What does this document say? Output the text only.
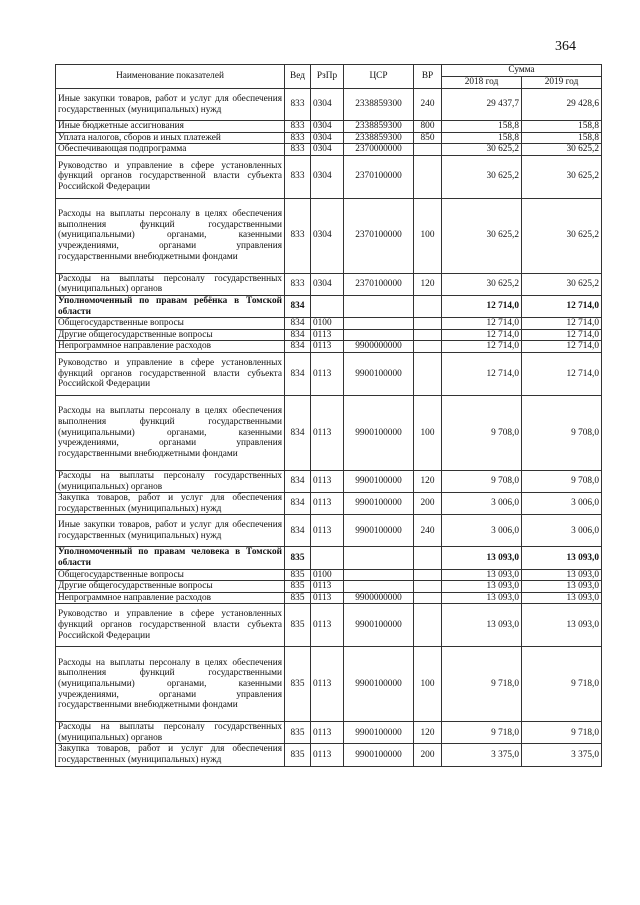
364
Наименование показателей	Вед	РзПр	ЦСР	ВР	Сумма	
					2018 год	2019 год
Иные закупки товаров, работ и услуг для обеспечения государственных (муниципальных) нужд	833	0304	2338859300	240	29 437,7	29 428,6
Иные бюджетные ассигнования	833	0304	2338859300	800	158,8	158,8
Уплата налогов, сборов и иных платежей	833	0304	2338859300	850	158,8	158,8
Обеспечивающая подпрограмма	833	0304	2370000000		30 625,2	30 625,2
Руководство и управление в сфере установленных функций органов государственной власти субъекта Российской Федерации	833	0304	2370100000		30 625,2	30 625,2
Расходы на выплаты персоналу в целях обеспечения выполнения функций государственными (муниципальными) органами, казенными учреждениями, органами управления государственными внебюджетными фондами	833	0304	2370100000	100	30 625,2	30 625,2
Расходы на выплаты персоналу государственных (муниципальных) органов	833	0304	2370100000	120	30 625,2	30 625,2
Уполномоченный по правам ребёнка в Томской области	834				12 714,0	12 714,0
Общегосударственные вопросы	834	0100			12 714,0	12 714,0
Другие общегосударственные вопросы	834	0113			12 714,0	12 714,0
Непрограммное направление расходов	834	0113	9900000000		12 714,0	12 714,0
Руководство и управление в сфере установленных функций органов государственной власти субъекта Российской Федерации	834	0113	9900100000		12 714,0	12 714,0
Расходы на выплаты персоналу в целях обеспечения выполнения функций государственными (муниципальными) органами, казенными учреждениями, органами управления государственными внебюджетными фондами	834	0113	9900100000	100	9 708,0	9 708,0
Расходы на выплаты персоналу государственных (муниципальных) органов	834	0113	9900100000	120	9 708,0	9 708,0
Закупка товаров, работ и услуг для обеспечения государственных (муниципальных) нужд	834	0113	9900100000	200	3 006,0	3 006,0
Иные закупки товаров, работ и услуг для обеспечения государственных (муниципальных) нужд	834	0113	9900100000	240	3 006,0	3 006,0
Уполномоченный по правам человека в Томской области	835				13 093,0	13 093,0
Общегосударственные вопросы	835	0100			13 093,0	13 093,0
Другие общегосударственные вопросы	835	0113			13 093,0	13 093,0
Непрограммное направление расходов	835	0113	9900000000		13 093,0	13 093,0
Руководство и управление в сфере установленных функций органов государственной власти субъекта Российской Федерации	835	0113	9900100000		13 093,0	13 093,0
Расходы на выплаты персоналу в целях обеспечения выполнения функций государственными (муниципальными) органами, казенными учреждениями, органами управления государственными внебюджетными фондами	835	0113	9900100000	100	9 718,0	9 718,0
Расходы на выплаты персоналу государственных (муниципальных) органов	835	0113	9900100000	120	9 718,0	9 718,0
Закупка товаров, работ и услуг для обеспечения государственных (муниципальных) нужд	835	0113	9900100000	200	3 375,0	3 375,0
